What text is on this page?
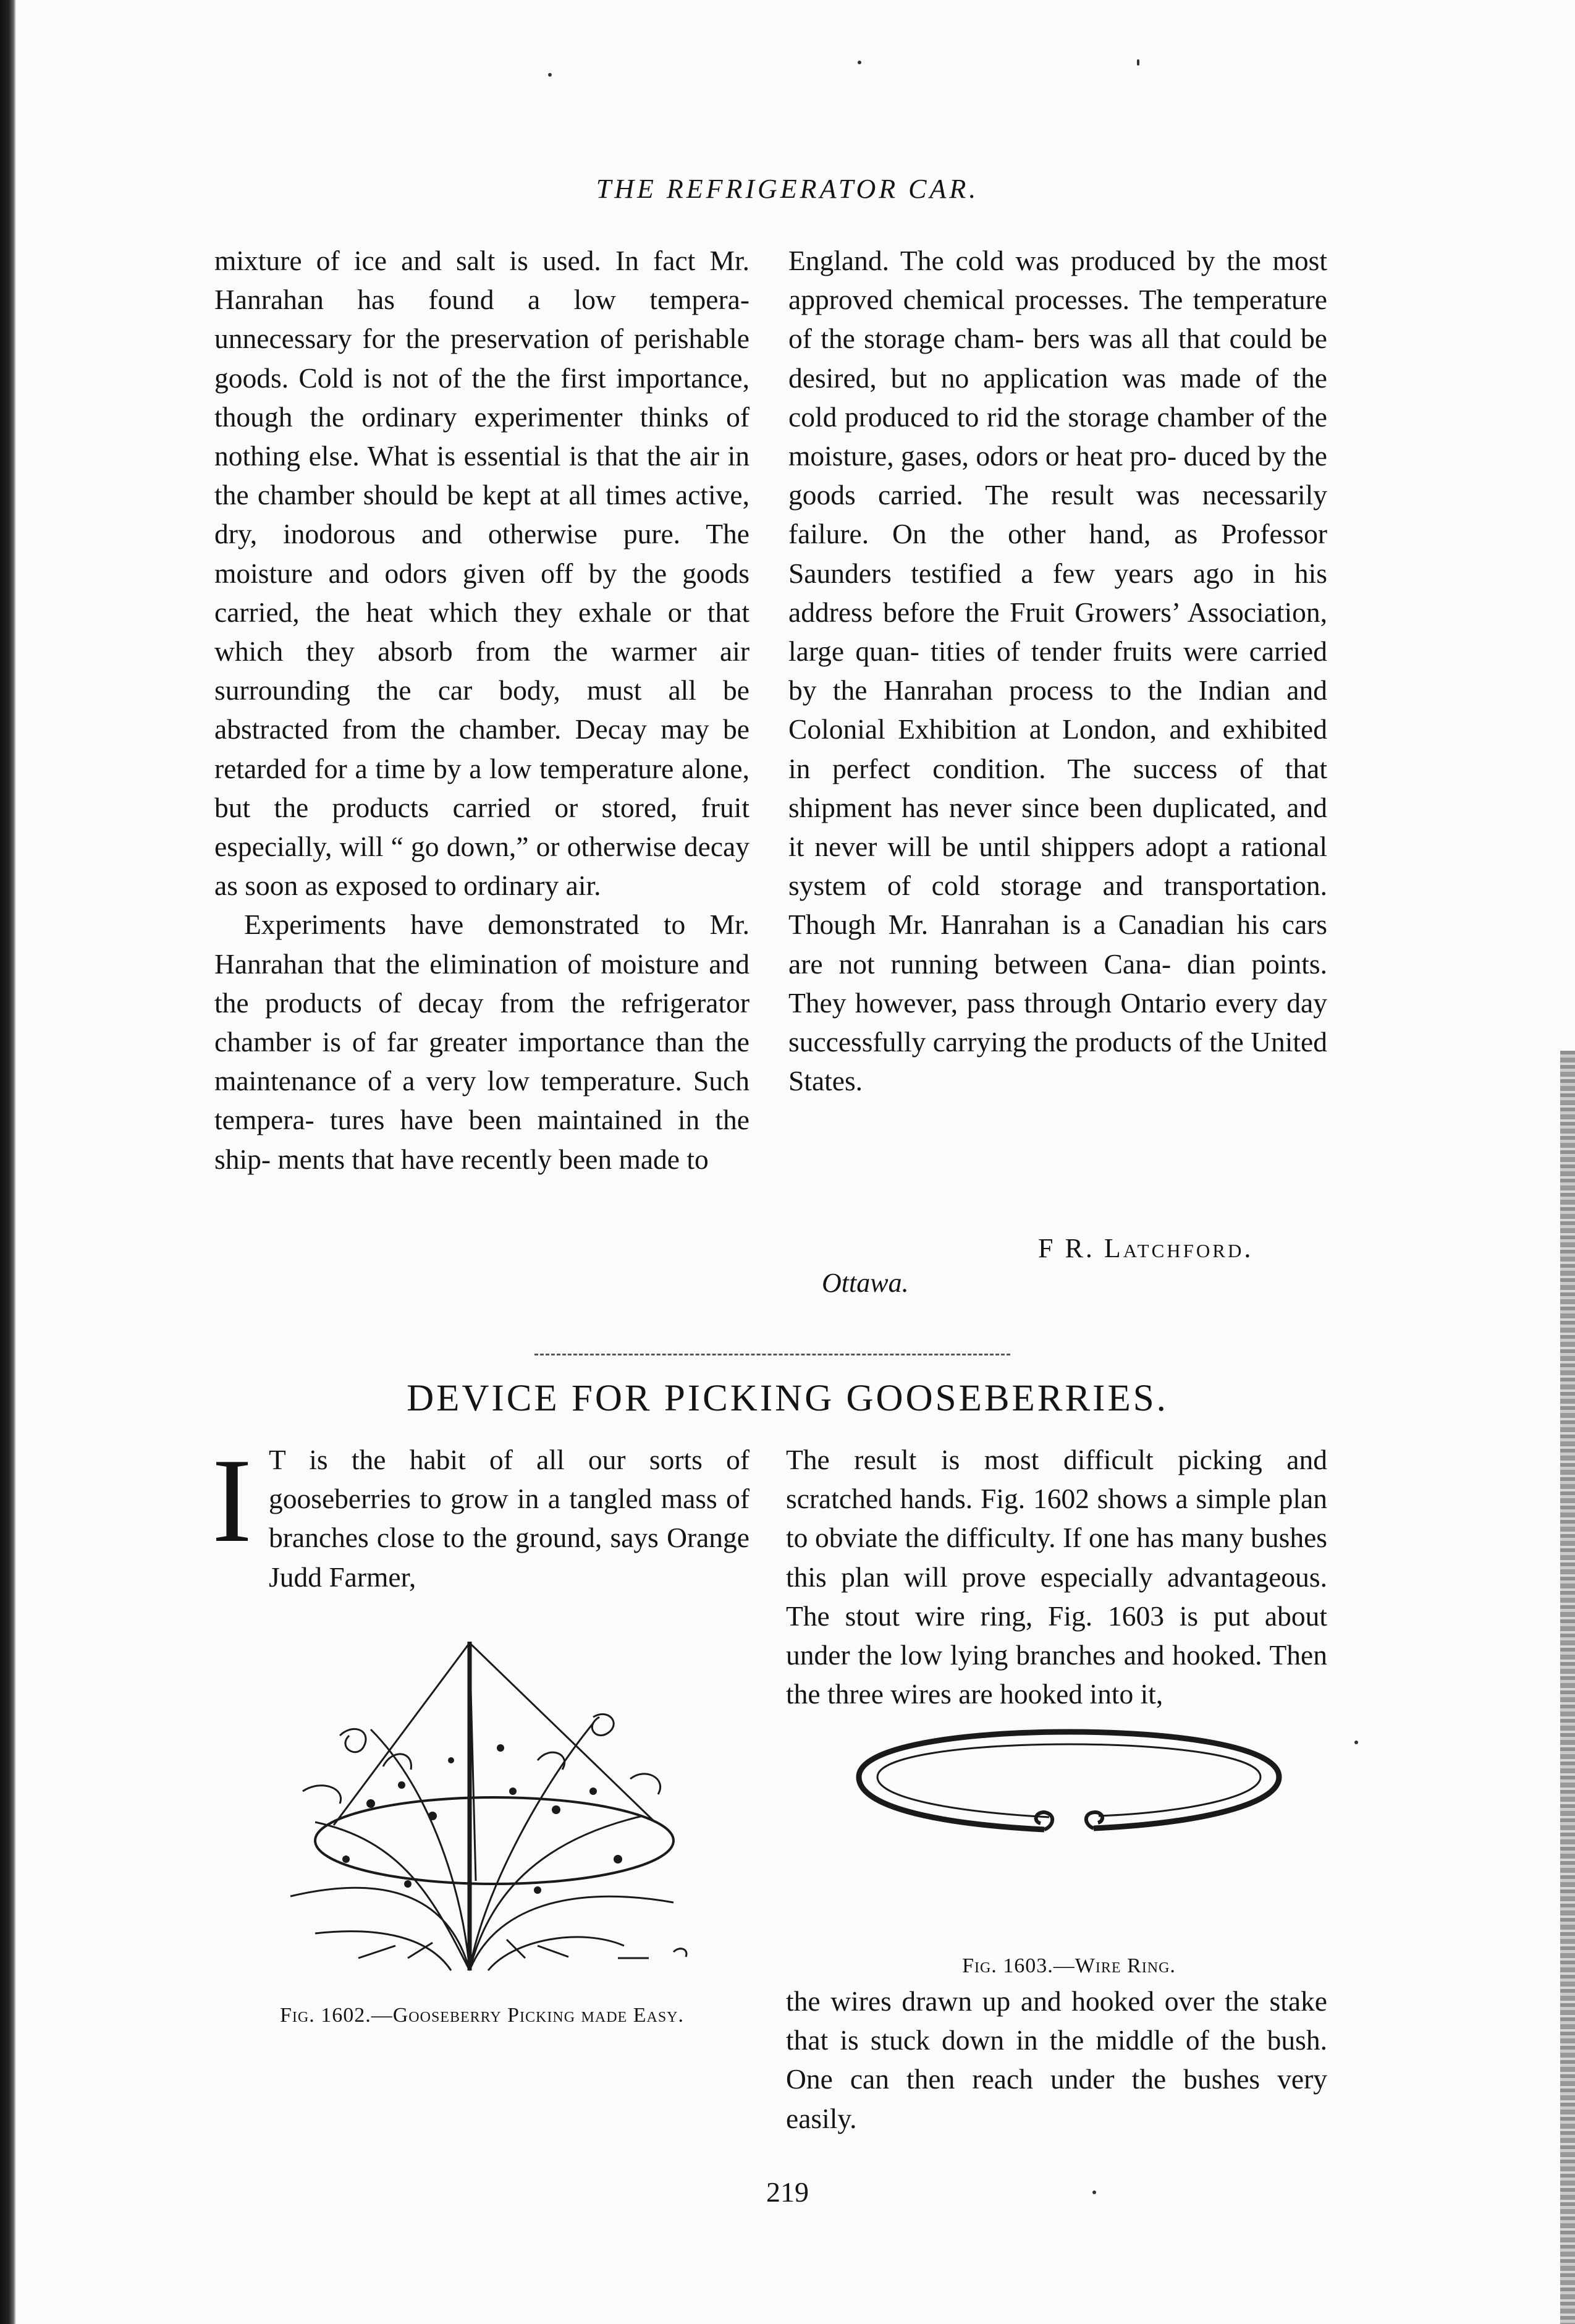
THE REFRIGERATOR CAR.

mixture of ice and salt is used. In fact Mr. Hanrahan has found a low tempera- unnecessary for the preservation of perishable goods. Cold is not of the the first importance, though the ordinary experimenter thinks of nothing else. What is essential is that the air in the chamber should be kept at all times active, dry, inodorous and otherwise pure. The moisture and odors given off by the goods carried, the heat which they exhale or that which they absorb from the warmer air surrounding the car body, must all be abstracted from the chamber. Decay may be retarded for a time by a low temperature alone, but the products carried or stored, fruit especially, will “ go down,” or otherwise decay as soon as exposed to ordinary air.

Experiments have demonstrated to Mr. Hanrahan that the elimination of moisture and the products of decay from the refrigerator chamber is of far greater importance than the maintenance of a very low temperature. Such tempera- tures have been maintained in the ship- ments that have recently been made to

England. The cold was produced by the most approved chemical processes. The temperature of the storage cham- bers was all that could be desired, but no application was made of the cold produced to rid the storage chamber of the moisture, gases, odors or heat pro- duced by the goods carried. The result was necessarily failure. On the other hand, as Professor Saunders testified a few years ago in his address before the Fruit Growers’ Association, large quan- tities of tender fruits were carried by the Hanrahan process to the Indian and Colonial Exhibition at London, and exhibited in perfect condition. The success of that shipment has never since been duplicated, and it never will be until shippers adopt a rational system of cold storage and transportation. Though Mr. Hanrahan is a Canadian his cars are not running between Cana- dian points. They however, pass through Ontario every day successfully carrying the products of the United States.

F R. Latchford.

Ottawa.

DEVICE FOR PICKING GOOSEBERRIES.

I T is the habit of all our sorts of gooseberries to grow in a tangled mass of branches close to the ground, says Orange Judd Farmer,

The result is most difficult picking and scratched hands. Fig. 1602 shows a simple plan to obviate the difficulty. If one has many bushes this plan will prove especially advantageous. The stout wire ring, Fig. 1603 is put about under the low lying branches and hooked. Then the three wires are hooked into it,

the wires drawn up and hooked over the stake that is stuck down in the middle of the bush. One can then reach under the bushes very easily.

Fig. 1602.—Gooseberry Picking made Easy.

Fig. 1603.—Wire Ring.

219
